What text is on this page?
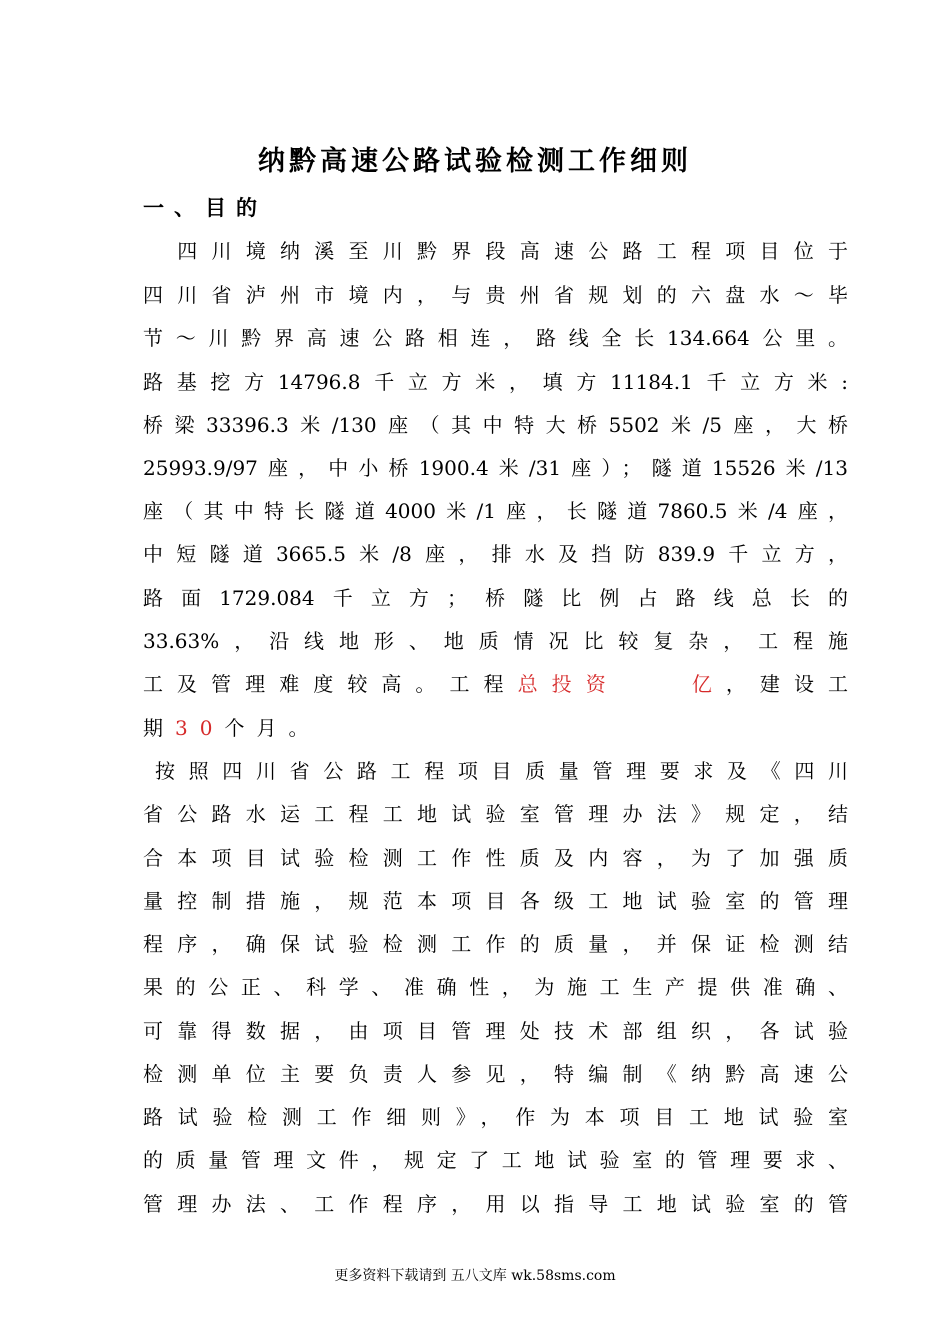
纳黔高速公路试验检测工作细则
一、目的
　四川境纳溪至川黔界段高速公路工程项目位于
四川省泸州市境内，与贵州省规划的六盘水～毕
节～川黔界高速公路相连，路线全长134.664公里。
路基挖方14796.8千立方米，填方11184.1千立方米:
桥梁33396.3米/130座（其中特大桥5502米/5座，大桥
25993.9/97座，中小桥1900.4米/31座）；隧道15526米/13
座（其中特长隧道4000米/1座，长隧道7860.5米/4座，
中短隧道3665.5米/8座，排水及挡防839.9千立方，
路面1729.084千立方；桥隧比例占路线总长的
33.63%，沿线地形、地质情况比较复杂，工程施
工及管理难度较高。工程总投资	亿，建设工
期30个月。
按照四川省公路工程项目质量管理要求及《四川
省公路水运工程工地试验室管理办法》规定，结
合本项目试验检测工作性质及内容，为了加强质
量控制措施，规范本项目各级工地试验室的管理
程序，确保试验检测工作的质量，并保证检测结
果的公正、科学、准确性，为施工生产提供准确、
可靠得数据，由项目管理处技术部组织，各试验
检测单位主要负责人参见，特编制《纳黔高速公
路试验检测工作细则》，作为本项目工地试验室
的质量管理文件，规定了工地试验室的管理要求、
管理办法、工作程序，用以指导工地试验室的管
更多资料下载请到 五八文库 wk.58sms.com
